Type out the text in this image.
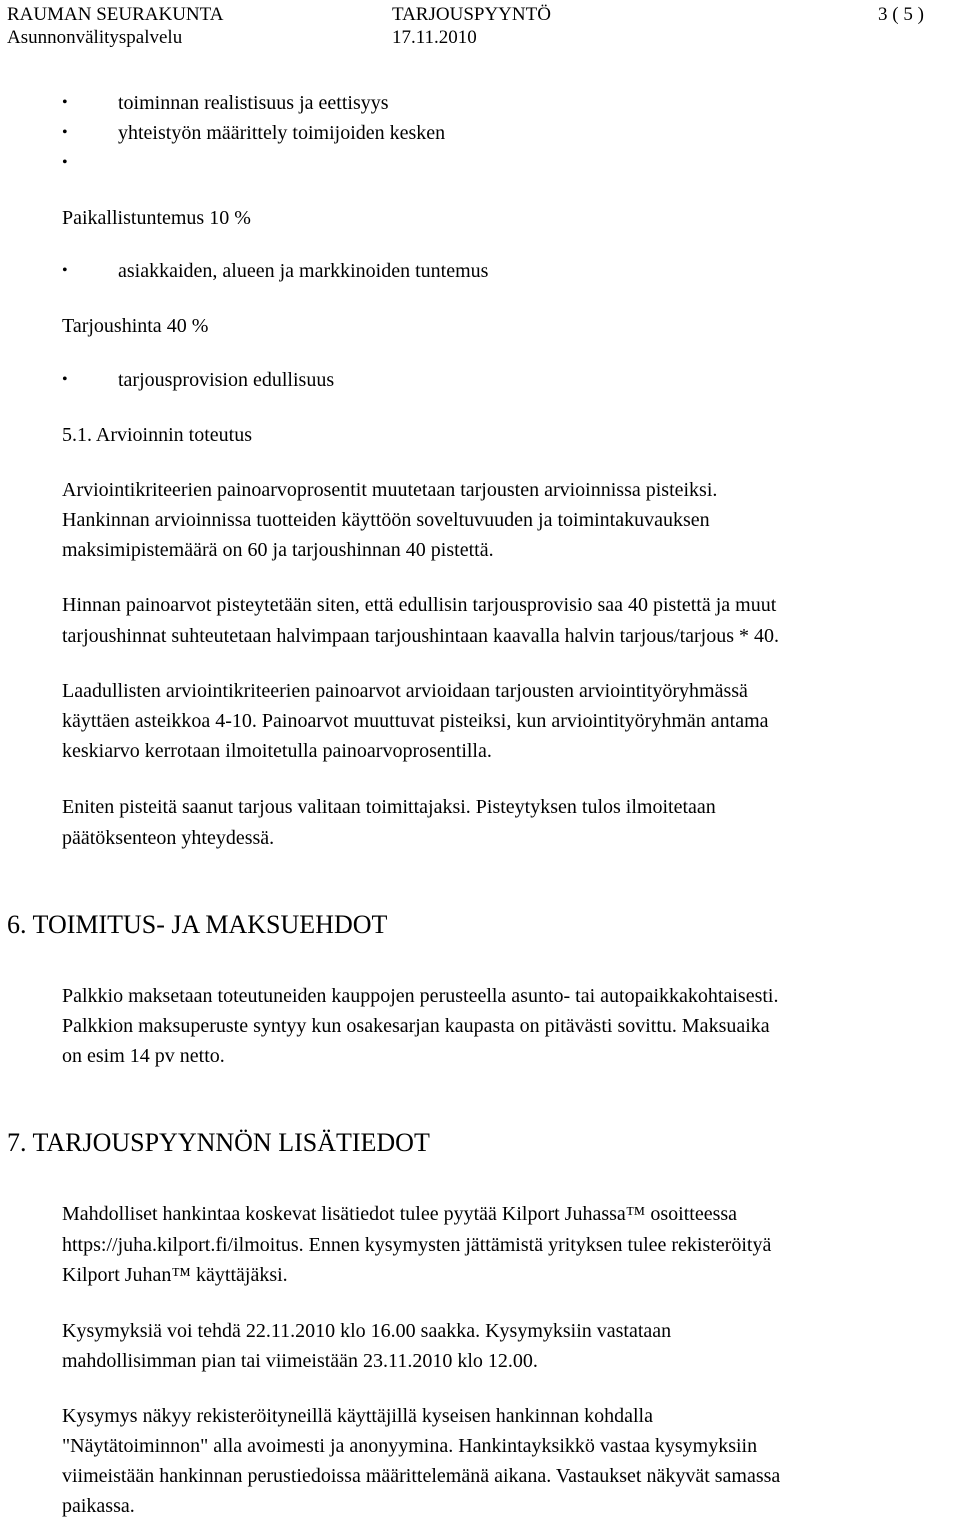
RAUMAN SEURAKUNTA
Asunnonvälityspalvelu
TARJOUSPYYNTÖ
17.11.2010
3 ( 5 )
•	toiminnan realistisuus ja eettisyys
•	yhteistyön määrittely toimijoiden kesken
•
Paikallistuntemus 10 %
•	asiakkaiden, alueen ja markkinoiden tuntemus
Tarjoushinta 40 %
•	tarjousprovision edullisuus
5.1. Arvioinnin toteutus
Arviointikriteerien painoarvoprosentit muutetaan tarjousten arvioinnissa pisteiksi.
Hankinnan arvioinnissa tuotteiden käyttöön soveltuvuuden ja toimintakuvauksen
maksimipistemäärä on 60 ja tarjoushinnan 40 pistettä.
Hinnan painoarvot pisteytetään siten, että edullisin tarjousprovisio saa 40 pistettä ja muut
tarjoushinnat suhteutetaan halvimpaan tarjoushintaan kaavalla halvin tarjous/tarjous * 40.
Laadullisten arviointikriteerien painoarvot arvioidaan tarjousten arviointityöryhmässä
käyttäen asteikkoa 4-10. Painoarvot muuttuvat pisteiksi, kun arviointityöryhmän antama
keskiarvo kerrotaan ilmoitetulla painoarvoprosentilla.
Eniten pisteitä saanut tarjous valitaan toimittajaksi. Pisteytyksen tulos ilmoitetaan
päätöksenteon yhteydessä.
6. TOIMITUS- JA MAKSUEHDOT
Palkkio maksetaan toteutuneiden kauppojen perusteella asunto- tai autopaikkakohtaisesti.
Palkkion maksuperuste syntyy kun osakesarjan kaupasta on pitävästi sovittu. Maksuaika
on esim 14 pv netto.
7. TARJOUSPYYNNÖN LISÄTIEDOT
Mahdolliset hankintaa koskevat lisätiedot tulee pyytää Kilport Juhassa™ osoitteessa
https://juha.kilport.fi/ilmoitus. Ennen kysymysten jättämistä yrityksen tulee rekisteröityä
Kilport Juhan™ käyttäjäksi.
Kysymyksiä voi tehdä 22.11.2010 klo 16.00 saakka. Kysymyksiin vastataan
mahdollisimman pian tai viimeistään 23.11.2010 klo 12.00.
Kysymys näkyy rekisteröityneillä käyttäjillä kyseisen hankinnan kohdalla
"Näytätoiminnon" alla avoimesti ja anonyymina. Hankintayksikkö vastaa kysymyksiin
viimeistään hankinnan perustiedoissa määrittelemänä aikana. Vastaukset näkyvät samassa
paikassa.
